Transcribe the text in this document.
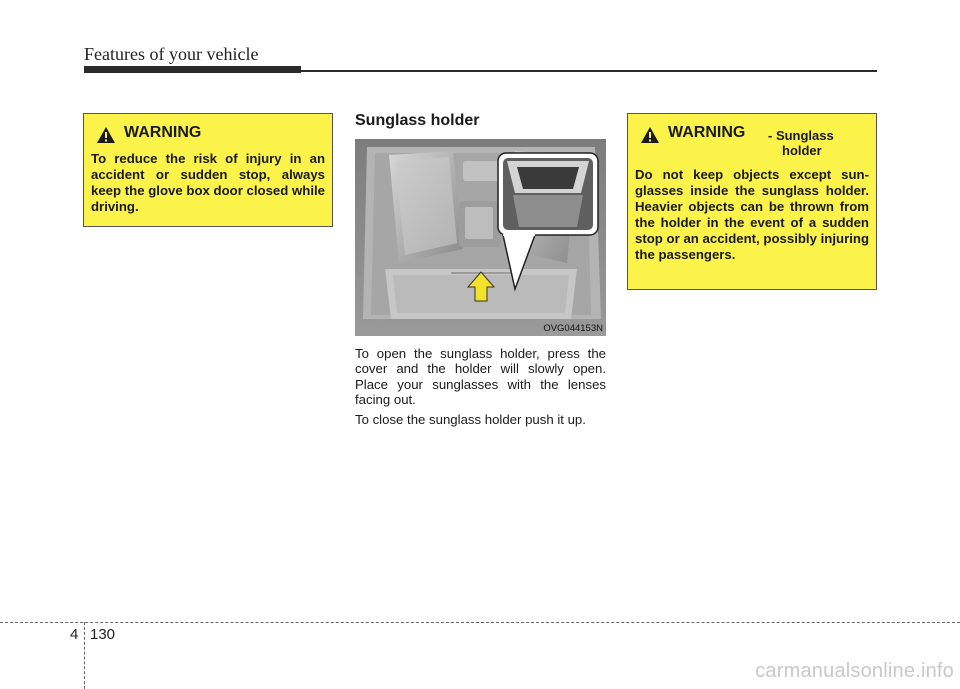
Features of your vehicle
WARNING
To reduce the risk of injury in an accident or sudden stop, always keep the glove box door closed while driving.
Sunglass holder
OVG044153N

To open the sunglass holder, press the cover and the holder will slowly open. Place your sunglasses with the lenses facing out.

To close the sunglass holder push it up.

WARNING - Sunglass
holder
Do not keep objects except sun-glasses inside the sunglass holder. Heavier objects can be thrown from the holder in the event of a sudden stop or an accident, possibly injuring the passengers.
4 130
carmanualsonline.info
